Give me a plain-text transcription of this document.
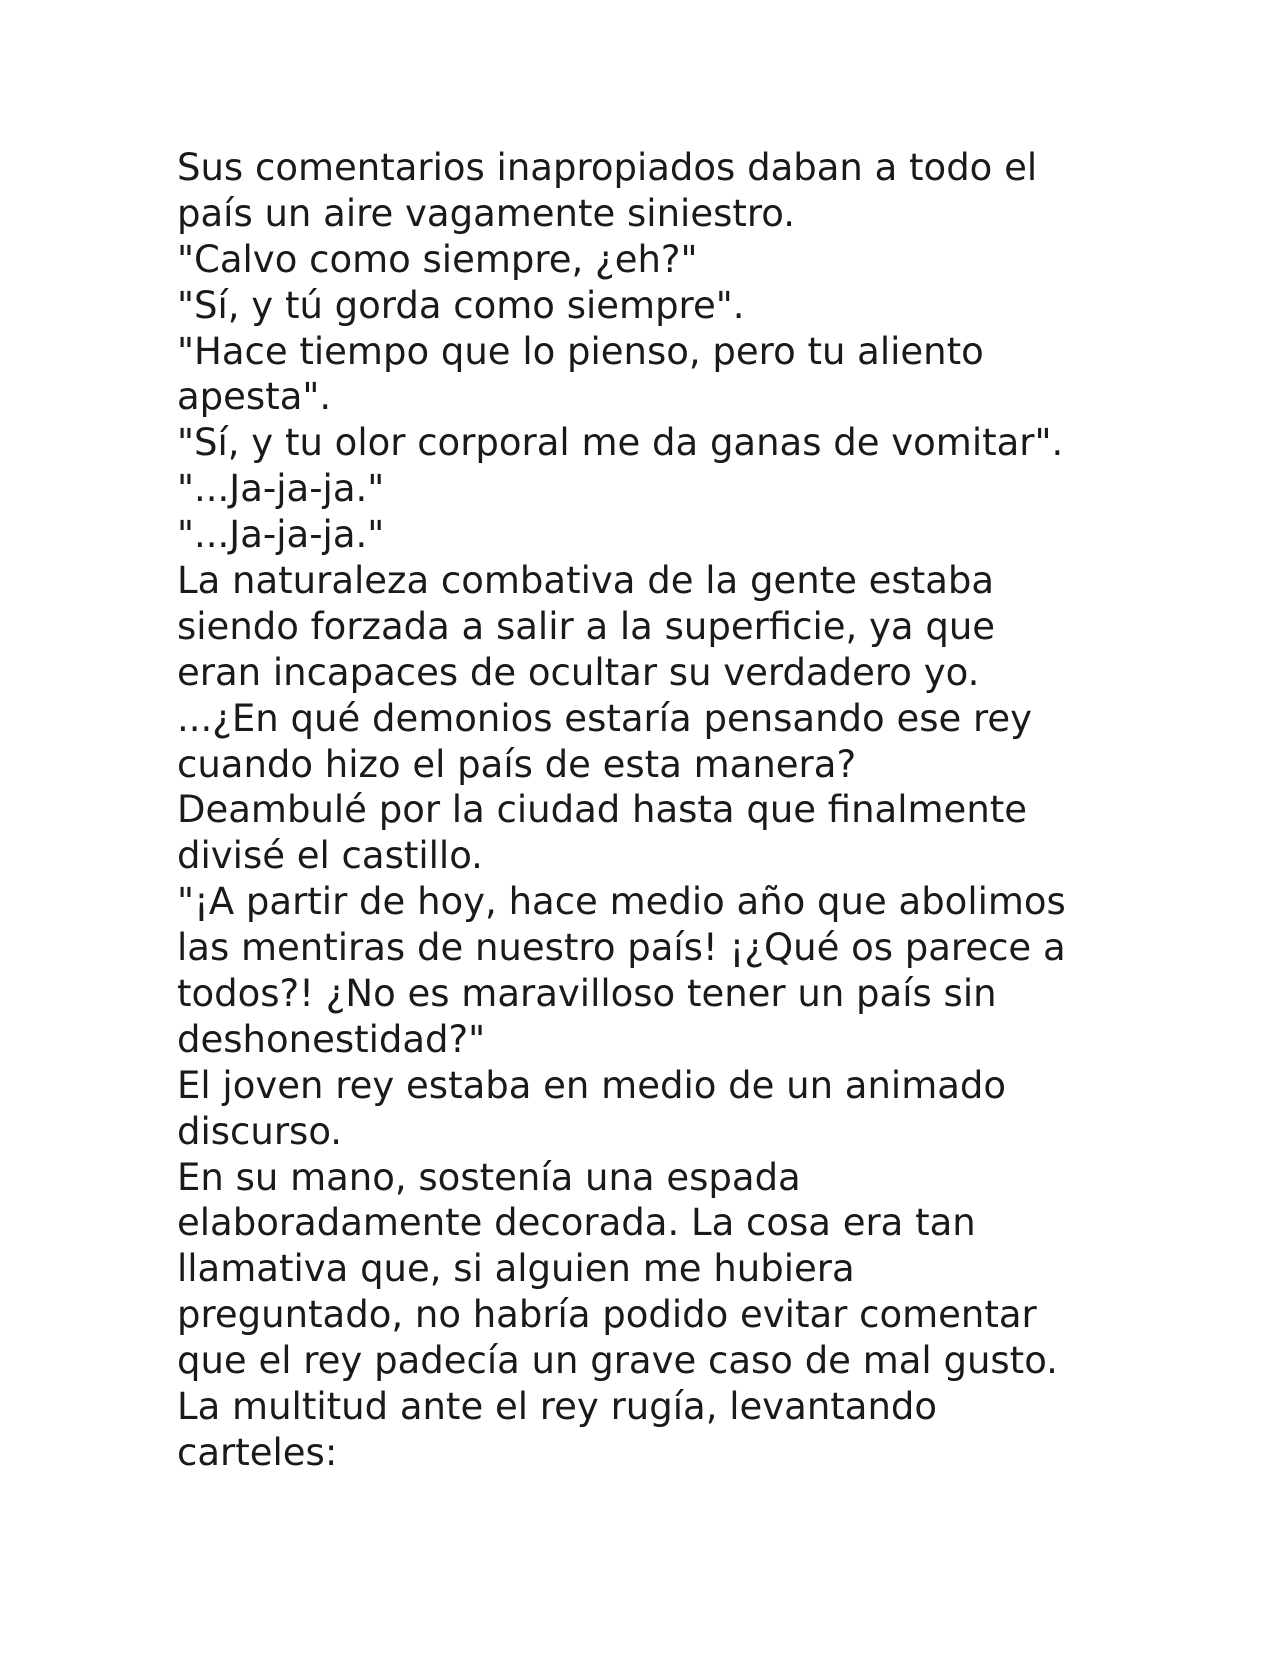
Sus comentarios inapropiados daban a todo el
país un aire vagamente siniestro.
"Calvo como siempre, ¿eh?"
"Sí, y tú gorda como siempre".
"Hace tiempo que lo pienso, pero tu aliento
apesta".
"Sí, y tu olor corporal me da ganas de vomitar".
"...Ja-ja-ja."
"...Ja-ja-ja."
La naturaleza combativa de la gente estaba
siendo forzada a salir a la superficie, ya que
eran incapaces de ocultar su verdadero yo.
...¿En qué demonios estaría pensando ese rey
cuando hizo el país de esta manera?
Deambulé por la ciudad hasta que finalmente
divisé el castillo.
"¡A partir de hoy, hace medio año que abolimos
las mentiras de nuestro país! ¡¿Qué os parece a
todos?! ¿No es maravilloso tener un país sin
deshonestidad?"
El joven rey estaba en medio de un animado
discurso.
En su mano, sostenía una espada
elaboradamente decorada. La cosa era tan
llamativa que, si alguien me hubiera
preguntado, no habría podido evitar comentar
que el rey padecía un grave caso de mal gusto.
La multitud ante el rey rugía, levantando
carteles:
